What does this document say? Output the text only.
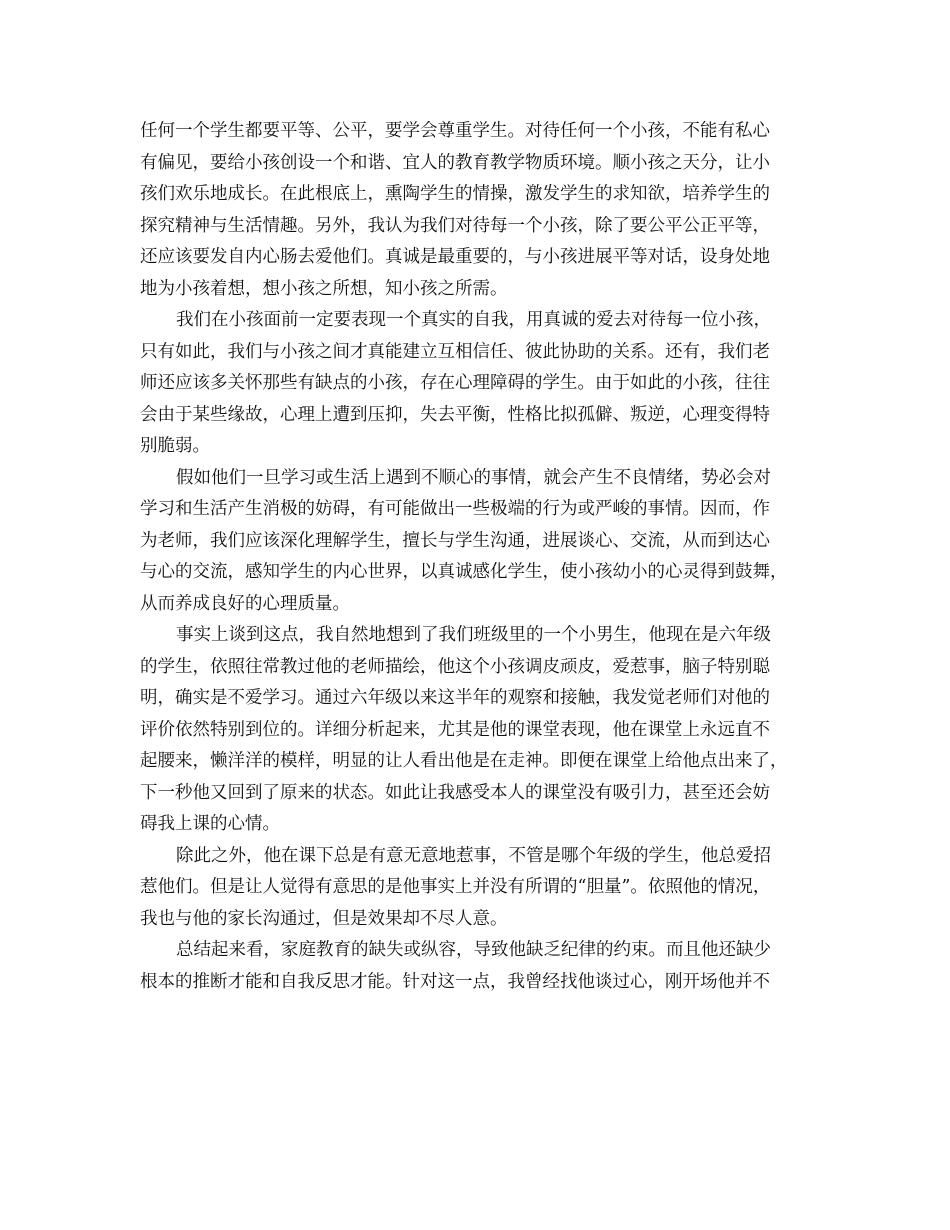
任何一个学生都要平等、公平，要学会尊重学生。对待任何一个小孩，不能有私心
有偏见，要给小孩创设一个和谐、宜人的教育教学物质环境。顺小孩之天分，让小
孩们欢乐地成长。在此根底上，熏陶学生的情操，激发学生的求知欲，培养学生的
探究精神与生活情趣。另外，我认为我们对待每一个小孩，除了要公平公正平等，
还应该要发自内心肠去爱他们。真诚是最重要的，与小孩进展平等对话，设身处地
地为小孩着想，想小孩之所想，知小孩之所需。
我们在小孩面前一定要表现一个真实的自我，用真诚的爱去对待每一位小孩，
只有如此，我们与小孩之间才真能建立互相信任、彼此协助的关系。还有，我们老
师还应该多关怀那些有缺点的小孩，存在心理障碍的学生。由于如此的小孩，往往
会由于某些缘故，心理上遭到压抑，失去平衡，性格比拟孤僻、叛逆，心理变得特
别脆弱。
假如他们一旦学习或生活上遇到不顺心的事情，就会产生不良情绪，势必会对
学习和生活产生消极的妨碍，有可能做出一些极端的行为或严峻的事情。因而，作
为老师，我们应该深化理解学生，擅长与学生沟通，进展谈心、交流，从而到达心
与心的交流，感知学生的内心世界，以真诚感化学生，使小孩幼小的心灵得到鼓舞，
从而养成良好的心理质量。
事实上谈到这点，我自然地想到了我们班级里的一个小男生，他现在是六年级
的学生，依照往常教过他的老师描绘，他这个小孩调皮顽皮，爱惹事，脑子特别聪
明，确实是不爱学习。通过六年级以来这半年的观察和接触，我发觉老师们对他的
评价依然特别到位的。详细分析起来，尤其是他的课堂表现，他在课堂上永远直不
起腰来，懒洋洋的模样，明显的让人看出他是在走神。即便在课堂上给他点出来了，
下一秒他又回到了原来的状态。如此让我感受本人的课堂没有吸引力，甚至还会妨
碍我上课的心情。
除此之外，他在课下总是有意无意地惹事，不管是哪个年级的学生，他总爱招
惹他们。但是让人觉得有意思的是他事实上并没有所谓的“胆量”。依照他的情况，
我也与他的家长沟通过，但是效果却不尽人意。
总结起来看，家庭教育的缺失或纵容，导致他缺乏纪律的约束。而且他还缺少
根本的推断才能和自我反思才能。针对这一点，我曾经找他谈过心，刚开场他并不
